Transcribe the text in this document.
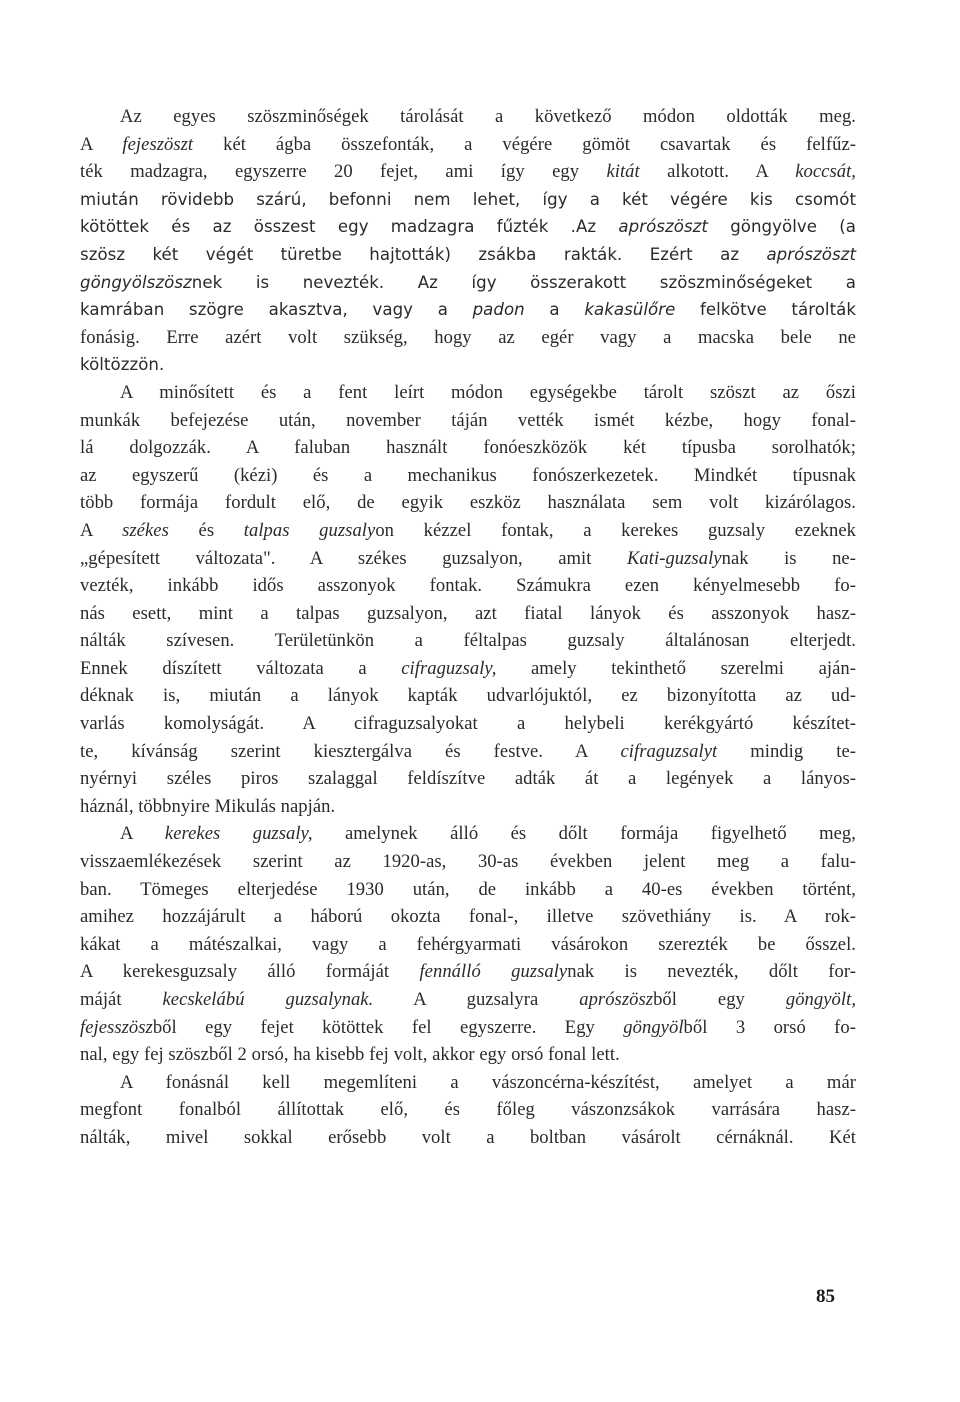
Az egyes szöszminőségek tárolását a következő módon oldották meg.
A fejeszöszt két ágba összefonták, a végére gömöt csavartak és felfűz-
ték madzagra, egyszerre 20 fejet, ami így egy kitát alkotott. A koccsát,
miután rövidebb szárú, befonni nem lehet, így a két végére kis csomót
kötöttek és az összest egy madzagra fűzték .Az aprószöszt göngyölve (a
szösz két végét türetbe hajtották) zsákba rakták. Ezért az aprószöszt
göngyölszösznek is nevezték. Az így összerakott szöszminőségeket a
kamrában szögre akasztva, vagy a padon a kakasülőre felkötve tárolták
fonásig. Erre azért volt szükség, hogy az egér vagy a macska bele ne
költözzön.
A minősített és a fent leírt módon egységekbe tárolt szöszt az őszi
munkák befejezése után, november táján vették ismét kézbe, hogy fonal-
lá dolgozzák. A faluban használt fonóeszközök két típusba sorolhatók;
az egyszerű (kézi) és a mechanikus fonószerkezetek. Mindkét típusnak
több formája fordult elő, de egyik eszköz használata sem volt kizárólagos.
A székes és talpas guzsalyon kézzel fontak, a kerekes guzsaly ezeknek
„gépesített változata". A székes guzsalyon, amit Kati-guzsalynak is ne-
vezték, inkább idős asszonyok fontak. Számukra ezen kényelmesebb fo-
nás esett, mint a talpas guzsalyon, azt fiatal lányok és asszonyok hasz-
nálták szívesen. Területünkön a féltalpas guzsaly általánosan elterjedt.
Ennek díszített változata a cifraguzsaly, amely tekinthető szerelmi aján-
déknak is, miután a lányok kapták udvarlójuktól, ez bizonyította az ud-
varlás komolyságát. A cifraguzsalyokat a helybeli kerékgyártó készítet-
te, kívánság szerint kiesztergálva és festve. A cifraguzsalyt mindig te-
nyérnyi széles piros szalaggal feldíszítve adták át a legények a lányos-
háznál, többnyire Mikulás napján.
A kerekes guzsaly, amelynek álló és dőlt formája figyelhető meg,
visszaemlékezések szerint az 1920-as, 30-as években jelent meg a falu-
ban. Tömeges elterjedése 1930 után, de inkább a 40-es években történt,
amihez hozzájárult a háború okozta fonal-, illetve szövethiány is. A rok-
kákat a mátészalkai, vagy a fehérgyarmati vásárokon szerezték be ősszel.
A kerekesguzsaly álló formáját fennálló guzsalynak is nevezték, dőlt for-
máját kecskelábú guzsalynak. A guzsalyra aprószöszből egy göngyölt,
fejesszöszből egy fejet kötöttek fel egyszerre. Egy göngyölből 3 orsó fo-
nal, egy fej szöszből 2 orsó, ha kisebb fej volt, akkor egy orsó fonal lett.
A fonásnál kell megemlíteni a vászoncérna-készítést, amelyet a már
megfont fonalból állítottak elő, és főleg vászonzsákok varrására hasz-
nálták, mivel sokkal erősebb volt a boltban vásárolt cérnáknál. Két
85
